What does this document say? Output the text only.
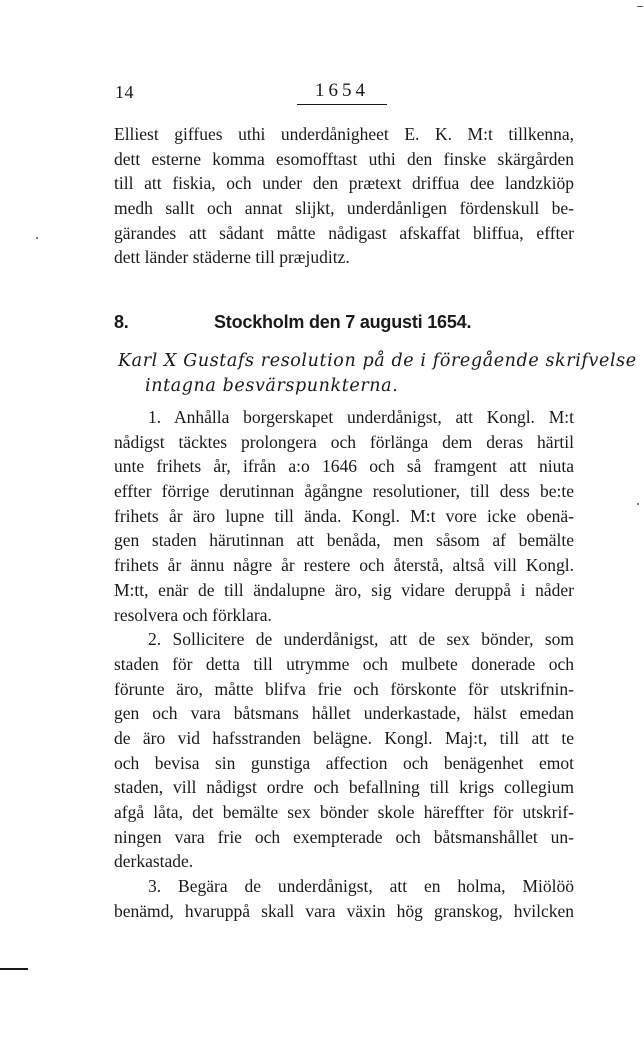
14	1654
Elliest giffues uthi underdånigheet E. K. M:t tillkenna,
dett esterne komma esomofftast uthi den finske skärgården
till att fiskia, och under den prætext driffua dee landzkiöp
medh sallt och annat slijkt, underdånligen fördenskull be-
gärandes att sådant måtte nådigast afskaffat bliffua, effter
dett länder städerne till præjuditz.
8.	Stockholm den 7 augusti 1654.
Karl X Gustafs resolution på de i föregående skrifvelse
intagna besvärspunkterna.
1. Anhålla borgerskapet underdånigst, att Kongl. M:t
nådigst täcktes prolongera och förlänga dem deras härtil
unte frihets år, ifrån a:o 1646 och så framgent att niuta
effter förrige derutinnan ågångne resolutioner, till dess be:te
frihets år äro lupne till ända. Kongl. M:t vore icke obenä-
gen staden härutinnan att benåda, men såsom af bemälte
frihets år ännu någre år restere och återstå, altså vill Kongl.
M:tt, enär de till ändalupne äro, sig vidare deruppå i nåder
resolvera och förklara.
2. Sollicitere de underdånigst, att de sex bönder, som
staden för detta till utrymme och mulbete donerade och
förunte äro, måtte blifva frie och förskonte för utskrifnin-
gen och vara båtsmans hållet underkastade, hälst emedan
de äro vid hafsstranden belägne. Kongl. Maj:t, till att te
och bevisa sin gunstiga affection och benägenhet emot
staden, vill nådigst ordre och befallning till krigs collegium
afgå låta, det bemälte sex bönder skole häreffter för utskrif-
ningen vara frie och exempterade och båtsmanshållet un-
derkastade.
3. Begära de underdånigst, att en holma, Miölöö
benämd, hvaruppå skall vara växin hög granskog, hvilcken
